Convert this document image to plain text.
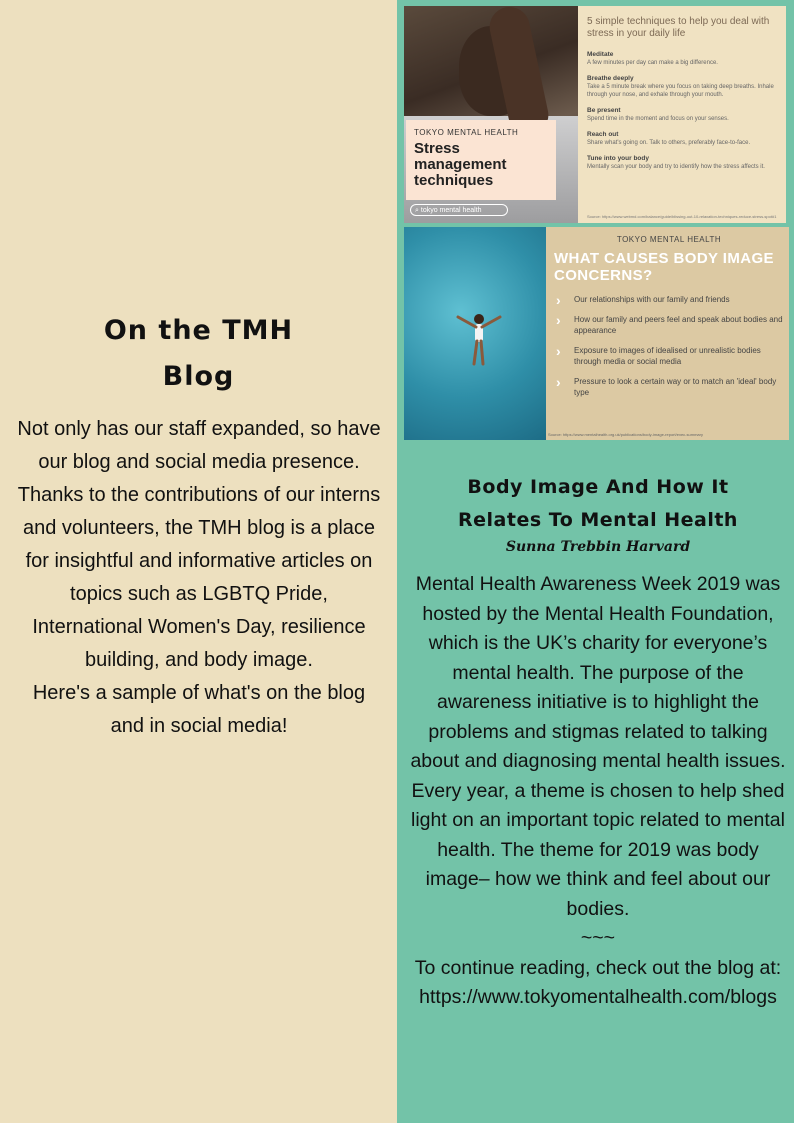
On the TMH
Blog

Not only has our staff expanded, so have our blog and social media presence.

Thanks to the contributions of our interns and volunteers, the TMH blog is a place for insightful and informative articles on topics such as LGBTQ Pride, International Women's Day, resilience building, and body image.

Here's a sample of what's on the blog and in social media!

TOKYO MENTAL HEALTH
Stress management techniques
⌕ tokyo mental health
5 simple techniques to help you deal with stress in your daily life
Meditate
A few minutes per day can make a big difference.
Breathe deeply
Take a 5 minute break where you focus on taking deep breaths. Inhale through your nose, and exhale through your mouth.
Be present
Spend time in the moment and focus on your senses.
Reach out
Share what's going on. Talk to others, preferably face-to-face.
Tune into your body
Mentally scan your body and try to identify how the stress affects it.
Source: https://www.webmd.com/balance/guide/blissing-out-10-relaxation-techniques-reduce-stress-spot#1
TOKYO MENTAL HEALTH
WHAT CAUSES BODY IMAGE CONCERNS?
› Our relationships with our family and friends
› How our family and peers feel and speak about bodies and appearance
› Exposure to images of idealised or unrealistic bodies through media or social media
› Pressure to look a certain way or to match an 'ideal' body type
Source: https://www.mentalhealth.org.uk/publications/body-image-report/exec-summary
Body Image And How It
Relates To Mental Health
Sunna Trebbin Harvard

Mental Health Awareness Week 2019 was hosted by the Mental Health Foundation, which is the UK’s charity for everyone’s mental health. The purpose of the awareness initiative is to highlight the problems and stigmas related to talking about and diagnosing mental health issues. Every year, a theme is chosen to help shed light on an important topic related to mental health. The theme for 2019 was body image– how we think and feel about our bodies.

~~~

To continue reading, check out the blog at:

https://www.tokyomentalhealth.com/blogs
